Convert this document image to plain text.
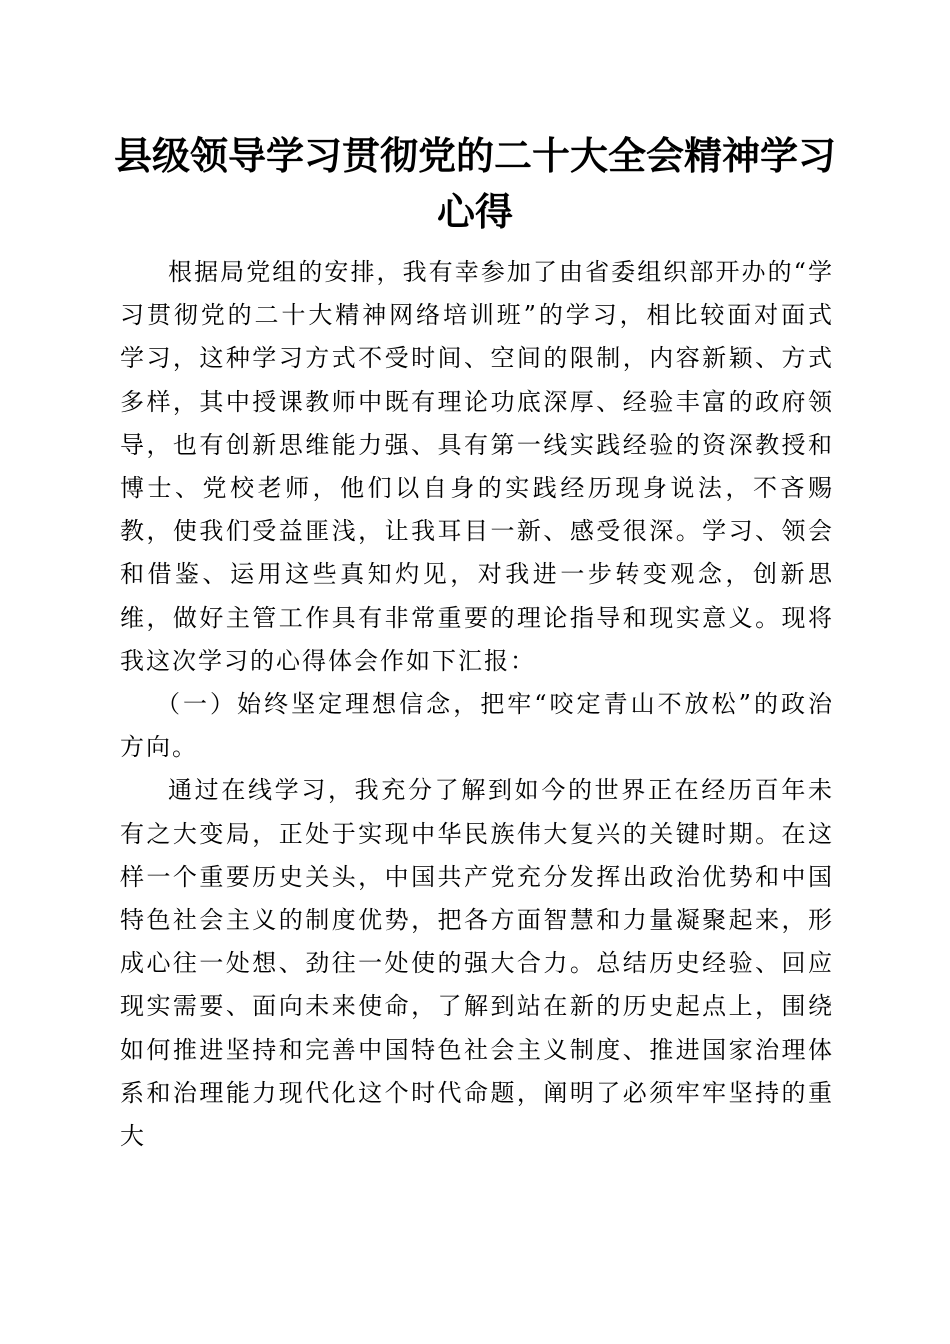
县级领导学习贯彻党的二十大全会精神学习心得

根据局党组的安排，我有幸参加了由省委组织部开办的“学习贯彻党的二十大精神网络培训班”的学习，相比较面对面式学习，这种学习方式不受时间、空间的限制，内容新颖、方式多样，其中授课教师中既有理论功底深厚、经验丰富的政府领导，也有创新思维能力强、具有第一线实践经验的资深教授和博士、党校老师，他们以自身的实践经历现身说法，不吝赐教，使我们受益匪浅，让我耳目一新、感受很深。学习、领会和借鉴、运用这些真知灼见，对我进一步转变观念，创新思维，做好主管工作具有非常重要的理论指导和现实意义。现将我这次学习的心得体会作如下汇报：

（一）始终坚定理想信念，把牢“咬定青山不放松”的政治方向。

通过在线学习，我充分了解到如今的世界正在经历百年未有之大变局，正处于实现中华民族伟大复兴的关键时期。在这样一个重要历史关头，中国共产党充分发挥出政治优势和中国特色社会主义的制度优势，把各方面智慧和力量凝聚起来，形成心往一处想、劲往一处使的强大合力。总结历史经验、回应现实需要、面向未来使命，了解到站在新的历史起点上，围绕如何推进坚持和完善中国特色社会主义制度、推进国家治理体系和治理能力现代化这个时代命题，阐明了必须牢牢坚持的重大
